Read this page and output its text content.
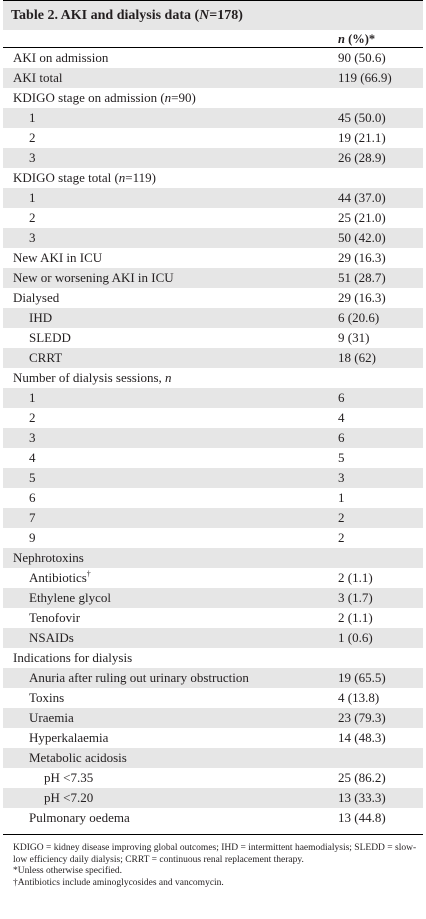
Table 2. AKI and dialysis data (N=178)
n (%)*
AKI on admission	90 (50.6)
AKI total	119 (66.9)
KDIGO stage on admission (n=90)
1	45 (50.0)
2	19 (21.1)
3	26 (28.9)
KDIGO stage total (n=119)
1	44 (37.0)
2	25 (21.0)
3	50 (42.0)
New AKI in ICU	29 (16.3)
New or worsening AKI in ICU	51 (28.7)
Dialysed	29 (16.3)
IHD	6 (20.6)
SLEDD	9 (31)
CRRT	18 (62)
Number of dialysis sessions, n
1	6
2	4
3	6
4	5
5	3
6	1
7	2
9	2
Nephrotoxins
Antibiotics†	2 (1.1)
Ethylene glycol	3 (1.7)
Tenofovir	2 (1.1)
NSAIDs	1 (0.6)
Indications for dialysis
Anuria after ruling out urinary obstruction	19 (65.5)
Toxins	4 (13.8)
Uraemia	23 (79.3)
Hyperkalaemia	14 (48.3)
Metabolic acidosis
pH <7.35	25 (86.2)
pH <7.20	13 (33.3)
Pulmonary oedema	13 (44.8)
KDIGO = kidney disease improving global outcomes; IHD = intermittent haemodialysis; SLEDD = slow-low efficiency daily dialysis; CRRT = continuous renal replacement therapy.
*Unless otherwise specified.
†Antibiotics include aminoglycosides and vancomycin.
